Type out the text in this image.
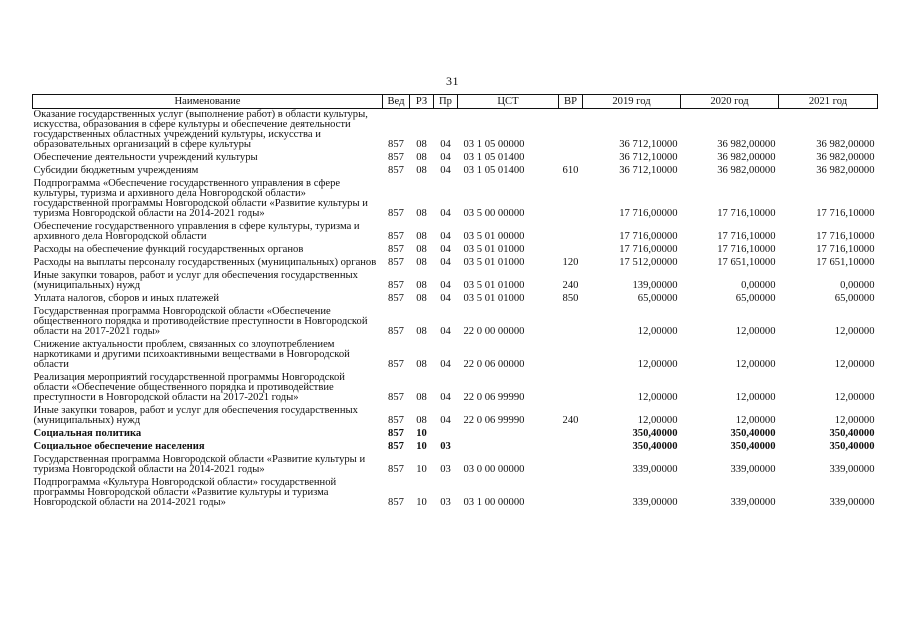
31
Наименование	Вед	РЗ	Пр	ЦСТ	ВР	2019 год	2020 год	2021 год
Оказание государственных услуг (выполнение работ) в области культуры, искусства, образования в сфере культуры и обеспечение деятельности государственных областных учреждений культуры, искусства и образовательных организаций в сфере культуры	857	08	04	03 1 05 00000		36 712,10000	36 982,00000	36 982,00000
Обеспечение деятельности учреждений культуры	857	08	04	03 1 05 01400		36 712,10000	36 982,00000	36 982,00000
Субсидии бюджетным учреждениям	857	08	04	03 1 05 01400	610	36 712,10000	36 982,00000	36 982,00000
Подпрограмма «Обеспечение государственного управления в сфере культуры, туризма и архивного дела Новгородской области» государственной программы Новгородской области «Развитие культуры и туризма Новгородской области на 2014-2021 годы»	857	08	04	03 5 00 00000		17 716,00000	17 716,10000	17 716,10000
Обеспечение государственного управления в сфере культуры, туризма и архивного дела Новгородской области	857	08	04	03 5 01 00000		17 716,00000	17 716,10000	17 716,10000
Расходы на обеспечение функций государственных органов	857	08	04	03 5 01 01000		17 716,00000	17 716,10000	17 716,10000
Расходы на выплаты персоналу государственных (муниципальных) органов	857	08	04	03 5 01 01000	120	17 512,00000	17 651,10000	17 651,10000
Иные закупки товаров, работ и услуг для обеспечения государственных (муниципальных) нужд	857	08	04	03 5 01 01000	240	139,00000	0,00000	0,00000
Уплата налогов, сборов и иных платежей	857	08	04	03 5 01 01000	850	65,00000	65,00000	65,00000
Государственная программа Новгородской области «Обеспечение общественного порядка и противодействие преступности в Новгородской области на 2017-2021 годы»	857	08	04	22 0 00 00000		12,00000	12,00000	12,00000
Снижение актуальности проблем, связанных со злоупотреблением наркотиками и другими психоактивными веществами в Новгородской области	857	08	04	22 0 06 00000		12,00000	12,00000	12,00000
Реализация мероприятий государственной программы Новгородской области «Обеспечение общественного порядка и противодействие преступности в Новгородской области на 2017-2021 годы»	857	08	04	22 0 06 99990		12,00000	12,00000	12,00000
Иные закупки товаров, работ и услуг для обеспечения государственных (муниципальных) нужд	857	08	04	22 0 06 99990	240	12,00000	12,00000	12,00000
Социальная политика	857	10				350,40000	350,40000	350,40000
Социальное обеспечение населения	857	10	03			350,40000	350,40000	350,40000
Государственная программа Новгородской области «Развитие культуры и туризма Новгородской области на 2014-2021 годы»	857	10	03	03 0 00 00000		339,00000	339,00000	339,00000
Подпрограмма «Культура Новгородской области» государственной программы Новгородской области «Развитие культуры и туризма Новгородской области на 2014-2021 годы»	857	10	03	03 1 00 00000		339,00000	339,00000	339,00000
